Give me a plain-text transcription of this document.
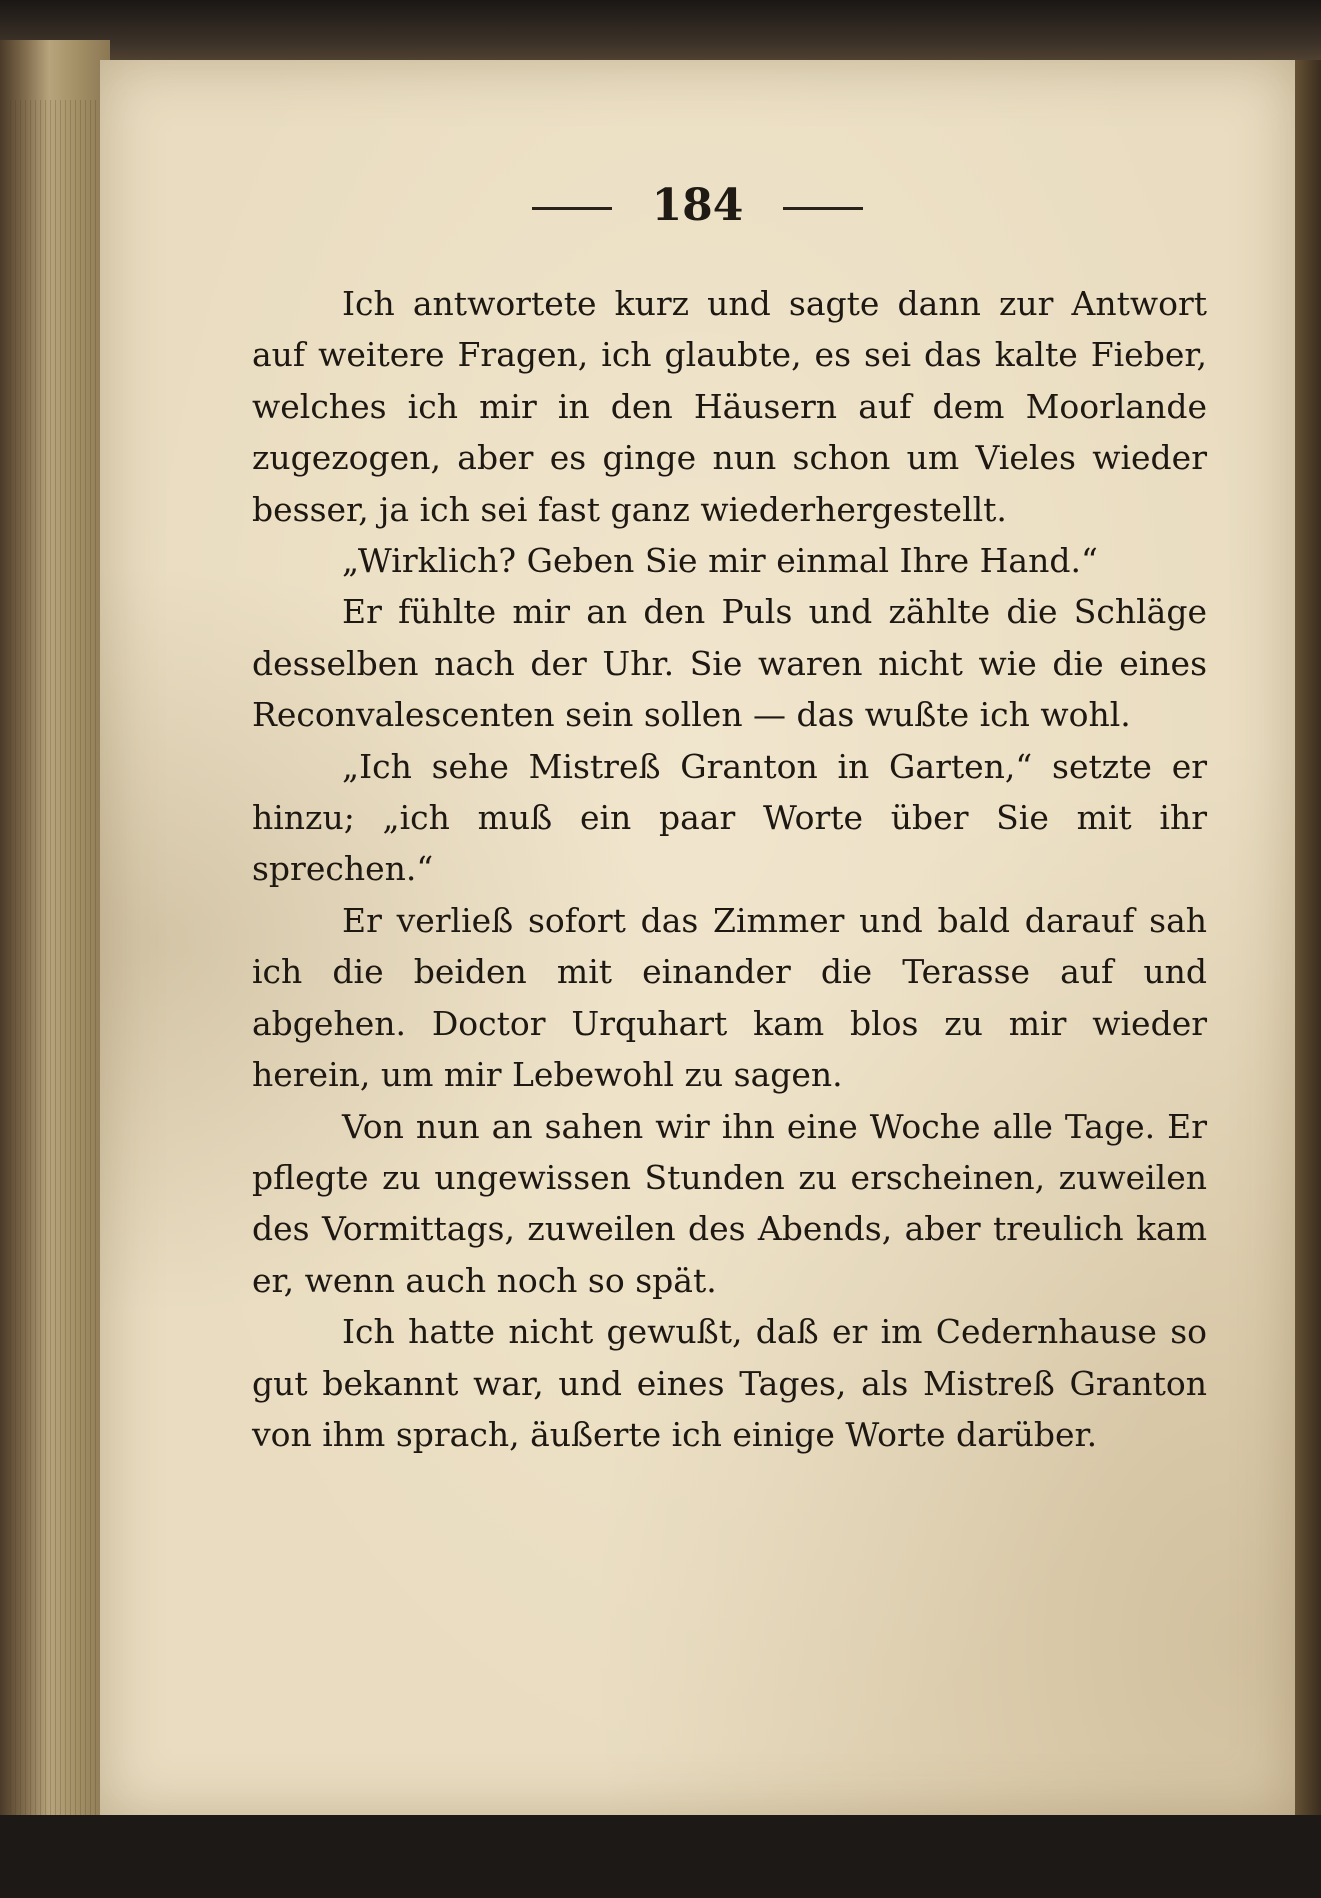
184

Ich antwortete kurz und sagte dann zur Antwort auf weitere Fragen, ich glaubte, es sei das kalte Fieber, welches ich mir in den Häusern auf dem Moorlande zugezogen, aber es ginge nun schon um Vieles wieder besser, ja ich sei fast ganz wiederhergestellt.

„Wirklich? Geben Sie mir einmal Ihre Hand.“

Er fühlte mir an den Puls und zählte die Schläge desselben nach der Uhr. Sie waren nicht wie die eines Reconvalescenten sein sollen — das wußte ich wohl.

„Ich sehe Mistreß Granton in Garten,“ setzte er hinzu; „ich muß ein paar Worte über Sie mit ihr sprechen.“

Er verließ sofort das Zimmer und bald darauf sah ich die beiden mit einander die Terasse auf und abgehen. Doctor Urquhart kam blos zu mir wieder herein, um mir Lebewohl zu sagen.

Von nun an sahen wir ihn eine Woche alle Tage. Er pflegte zu ungewissen Stunden zu erscheinen, zuweilen des Vormittags, zuweilen des Abends, aber treulich kam er, wenn auch noch so spät.

Ich hatte nicht gewußt, daß er im Cedernhause so gut bekannt war, und eines Tages, als Mistreß Granton von ihm sprach, äußerte ich einige Worte darüber.
